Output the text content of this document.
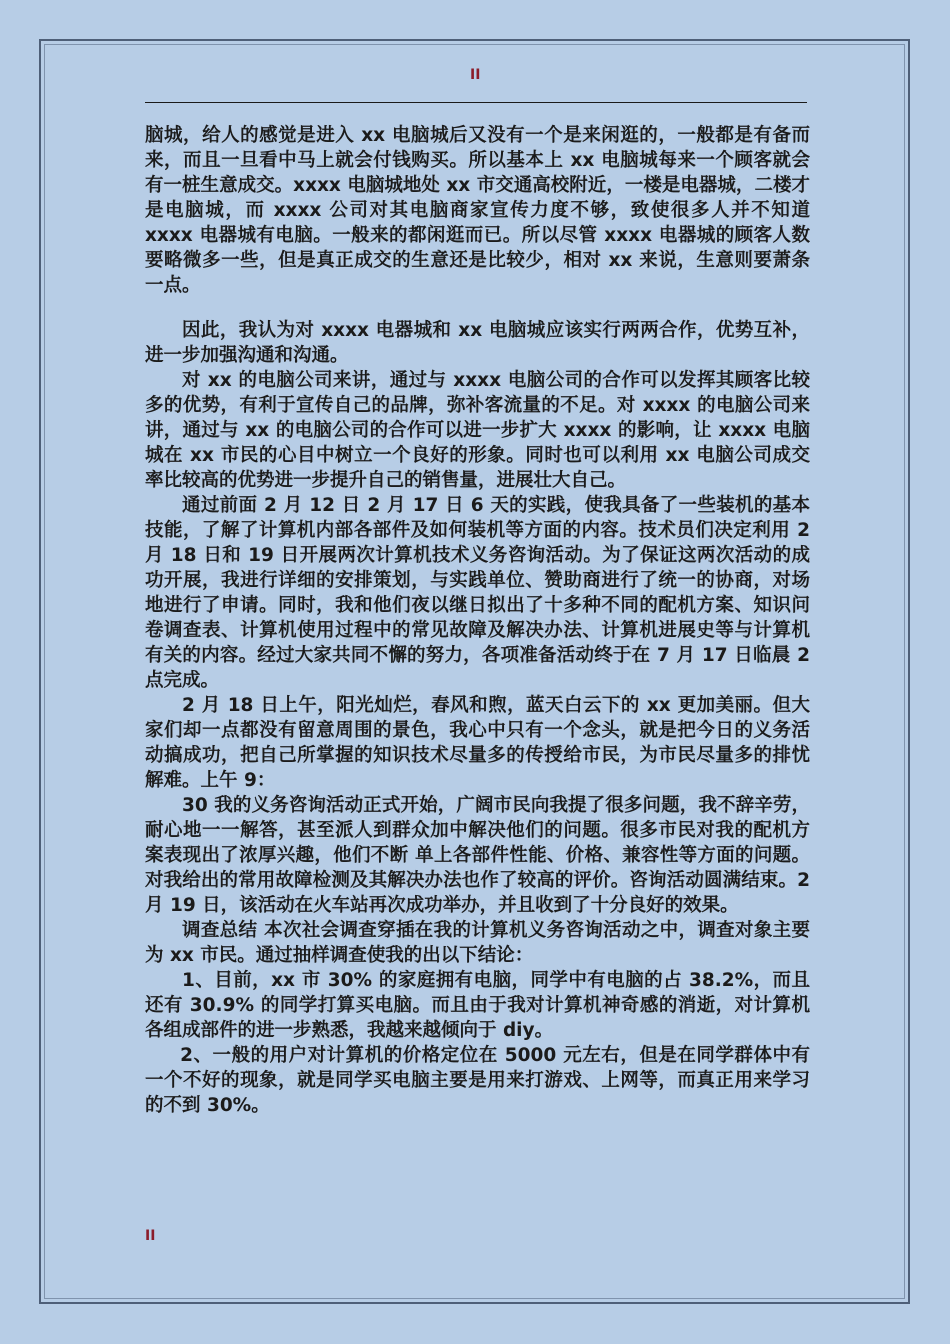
II

脑城，给人的感觉是进入 xx 电脑城后又没有一个是来闲逛的，一般都是有备而来，而且一旦看中马上就会付钱购买。所以基本上 xx 电脑城每来一个顾客就会有一桩生意成交。xxxx 电脑城地处 xx 市交通高校附近，一楼是电器城，二楼才是电脑城，而 xxxx 公司对其电脑商家宣传力度不够，致使很多人并不知道 xxxx 电器城有电脑。一般来的都闲逛而已。所以尽管 xxxx 电器城的顾客人数要略微多一些，但是真正成交的生意还是比较少，相对 xx 来说，生意则要萧条一点。

因此，我认为对 xxxx 电器城和 xx 电脑城应该实行两两合作，优势互补，进一步加强沟通和沟通。

对 xx 的电脑公司来讲，通过与 xxxx 电脑公司的合作可以发挥其顾客比较多的优势，有利于宣传自己的品牌，弥补客流量的不足。对 xxxx 的电脑公司来讲，通过与 xx 的电脑公司的合作可以进一步扩大 xxxx 的影响，让 xxxx 电脑城在 xx 市民的心目中树立一个良好的形象。同时也可以利用 xx 电脑公司成交率比较高的优势进一步提升自己的销售量，进展壮大自己。

通过前面 2 月 12 日 2 月 17 日 6 天的实践，使我具备了一些装机的基本技能，了解了计算机内部各部件及如何装机等方面的内容。技术员们决定利用 2 月 18 日和 19 日开展两次计算机技术义务咨询活动。为了保证这两次活动的成功开展，我进行详细的安排策划，与实践单位、赞助商进行了统一的协商，对场地进行了申请。同时，我和他们夜以继日拟出了十多种不同的配机方案、知识问卷调查表、计算机使用过程中的常见故障及解决办法、计算机进展史等与计算机有关的内容。经过大家共同不懈的努力，各项准备活动终于在 7 月 17 日临晨 2 点完成。

2 月 18 日上午，阳光灿烂，春风和煦，蓝天白云下的 xx 更加美丽。但大家们却一点都没有留意周围的景色，我心中只有一个念头，就是把今日的义务活动搞成功，把自己所掌握的知识技术尽量多的传授给市民，为市民尽量多的排忧解难。上午 9：

30 我的义务咨询活动正式开始，广阔市民向我提了很多问题，我不辞辛劳，耐心地一一解答，甚至派人到群众加中解决他们的问题。很多市民对我的配机方案表现出了浓厚兴趣，他们不断 单上各部件性能、价格、兼容性等方面的问题。对我给出的常用故障检测及其解决办法也作了较高的评价。咨询活动圆满结束。2 月 19 日，该活动在火车站再次成功举办，并且收到了十分良好的效果。

调查总结 本次社会调查穿插在我的计算机义务咨询活动之中，调查对象主要为 xx 市民。通过抽样调查使我的出以下结论：

1、目前，xx 市 30% 的家庭拥有电脑，同学中有电脑的占 38.2%，而且还有 30.9% 的同学打算买电脑。而且由于我对计算机神奇感的消逝，对计算机各组成部件的进一步熟悉，我越来越倾向于 diy。

2、一般的用户对计算机的价格定位在 5000 元左右，但是在同学群体中有一个不好的现象，就是同学买电脑主要是用来打游戏、上网等，而真正用来学习的不到 30%。

II
